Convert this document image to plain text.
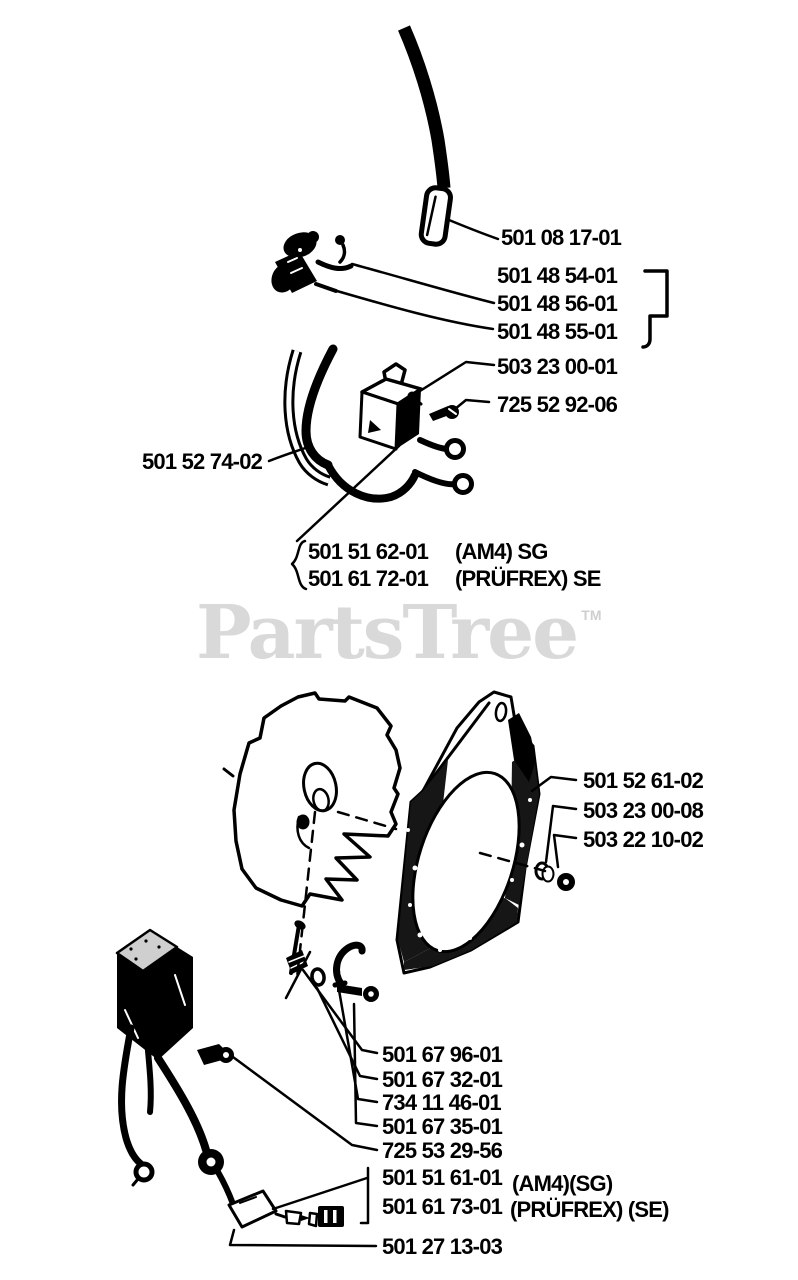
PartsTree ™
501 08 17-01
501 48 54-01
501 48 56-01
501 48 55-01
503 23 00-01
725 52 92-06
501 52 74-02
501 51 62-01
501 61 72-01
(AM4) SG
(PRÜFREX) SE
501 52 61-02
503 23 00-08
503 22 10-02
501 67 96-01
501 67 32-01
734 11 46-01
501 67 35-01
725 53 29-56
501 51 61-01
501 61 73-01
(AM4)(SG)
(PRÜFREX) (SE)
501 27 13-03
